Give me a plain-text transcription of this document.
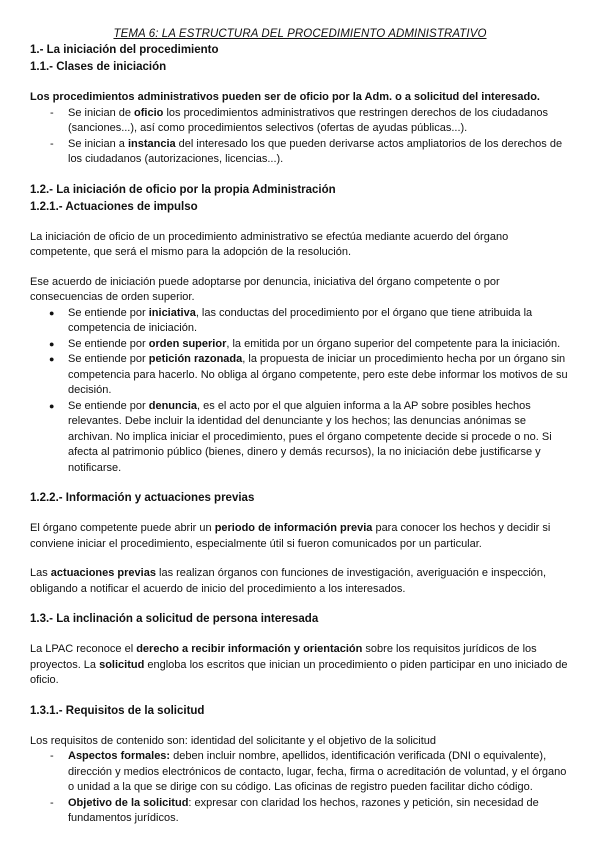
TEMA 6: LA ESTRUCTURA DEL PROCEDIMIENTO ADMINISTRATIVO
1.- La iniciación del procedimiento
1.1.- Clases de iniciación

Los procedimientos administrativos pueden ser de oficio por la Adm. o a solicitud del interesado.

- Se inician de oficio los procedimientos administrativos que restringen derechos de los ciudadanos (sanciones...), así como procedimientos selectivos (ofertas de ayudas públicas...).
- Se inician a instancia del interesado los que pueden derivarse actos ampliatorios de los derechos de los ciudadanos (autorizaciones, licencias...).
1.2.- La iniciación de oficio por la propia Administración
1.2.1.- Actuaciones de impulso

La iniciación de oficio de un procedimiento administrativo se efectúa mediante acuerdo del órgano competente, que será el mismo para la adopción de la resolución.

Ese acuerdo de iniciación puede adoptarse por denuncia, iniciativa del órgano competente o por consecuencias de orden superior.

● Se entiende por iniciativa, las conductas del procedimiento por el órgano que tiene atribuida la competencia de iniciación.
● Se entiende por orden superior, la emitida por un órgano superior del competente para la iniciación.
● Se entiende por petición razonada, la propuesta de iniciar un procedimiento hecha por un órgano sin competencia para hacerlo. No obliga al órgano competente, pero este debe informar los motivos de su decisión.
● Se entiende por denuncia, es el acto por el que alguien informa a la AP sobre posibles hechos relevantes. Debe incluir la identidad del denunciante y los hechos; las denuncias anónimas se archivan. No implica iniciar el procedimiento, pues el órgano competente decide si procede o no. Si afecta al patrimonio público (bienes, dinero y demás recursos), la no iniciación debe justificarse y notificarse.
1.2.2.- Información y actuaciones previas

El órgano competente puede abrir un periodo de información previa para conocer los hechos y decidir si conviene iniciar el procedimiento, especialmente útil si fueron comunicados por un particular.

Las actuaciones previas las realizan órganos con funciones de investigación, averiguación e inspección, obligando a notificar el acuerdo de inicio del procedimiento a los interesados.

1.3.- La inclinación a solicitud de persona interesada

La LPAC reconoce el derecho a recibir información y orientación sobre los requisitos jurídicos de los proyectos. La solicitud engloba los escritos que inician un procedimiento o piden participar en uno iniciado de oficio.

1.3.1.- Requisitos de la solicitud

Los requisitos de contenido son: identidad del solicitante y el objetivo de la solicitud

- Aspectos formales: deben incluir nombre, apellidos, identificación verificada (DNI o equivalente), dirección y medios electrónicos de contacto, lugar, fecha, firma o acreditación de voluntad, y el órgano o unidad a la que se dirige con su código. Las oficinas de registro pueden facilitar dicho código.
- Objetivo de la solicitud: expresar con claridad los hechos, razones y petición, sin necesidad de fundamentos jurídicos.
